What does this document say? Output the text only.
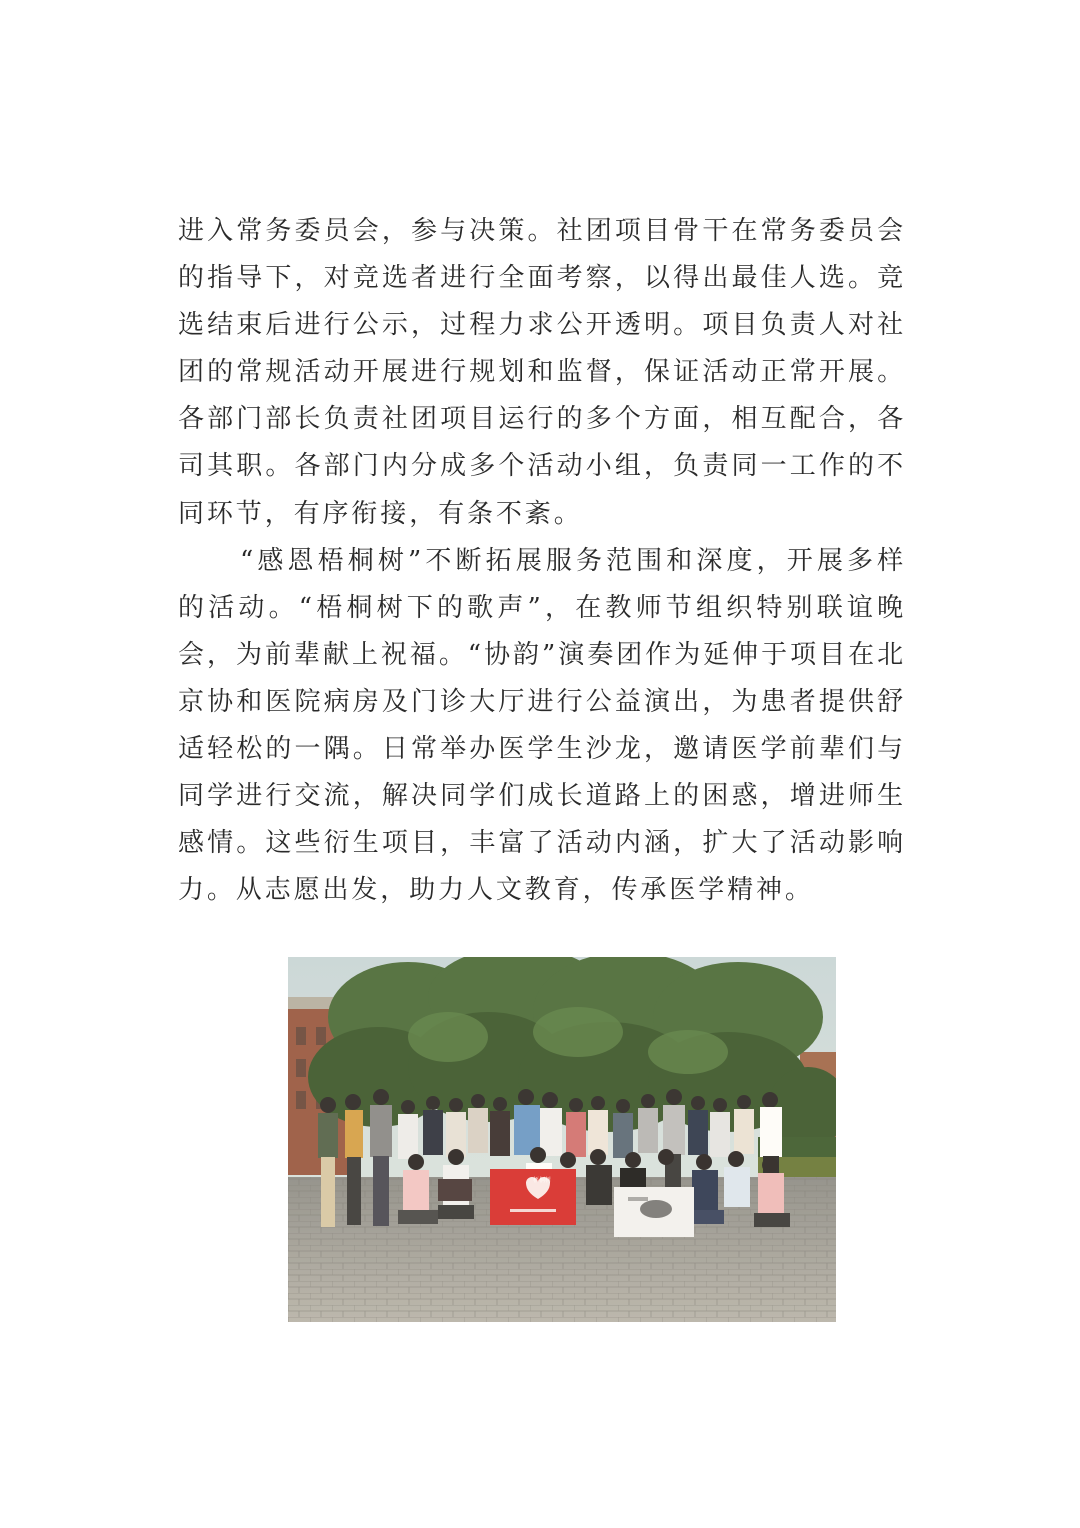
进入常务委员会，参与决策。社团项目骨干在常务委员会的指导下，对竞选者进行全面考察，以得出最佳人选。竞选结束后进行公示，过程力求公开透明。项目负责人对社团的常规活动开展进行规划和监督，保证活动正常开展。各部门部长负责社团项目运行的多个方面，相互配合，各司其职。各部门内分成多个活动小组，负责同一工作的不同环节，有序衔接，有条不紊。

“感恩梧桐树”不断拓展服务范围和深度，开展多样的活动。“梧桐树下的歌声”，在教师节组织特别联谊晚会，为前辈献上祝福。“协韵”演奏团作为延伸于项目在北京协和医院病房及门诊大厅进行公益演出，为患者提供舒适轻松的一隅。日常举办医学生沙龙，邀请医学前辈们与同学进行交流，解决同学们成长道路上的困惑，增进师生感情。这些衍生项目，丰富了活动内涵，扩大了活动影响力。从志愿出发，助力人文教育，传承医学精神。

梧桐树
